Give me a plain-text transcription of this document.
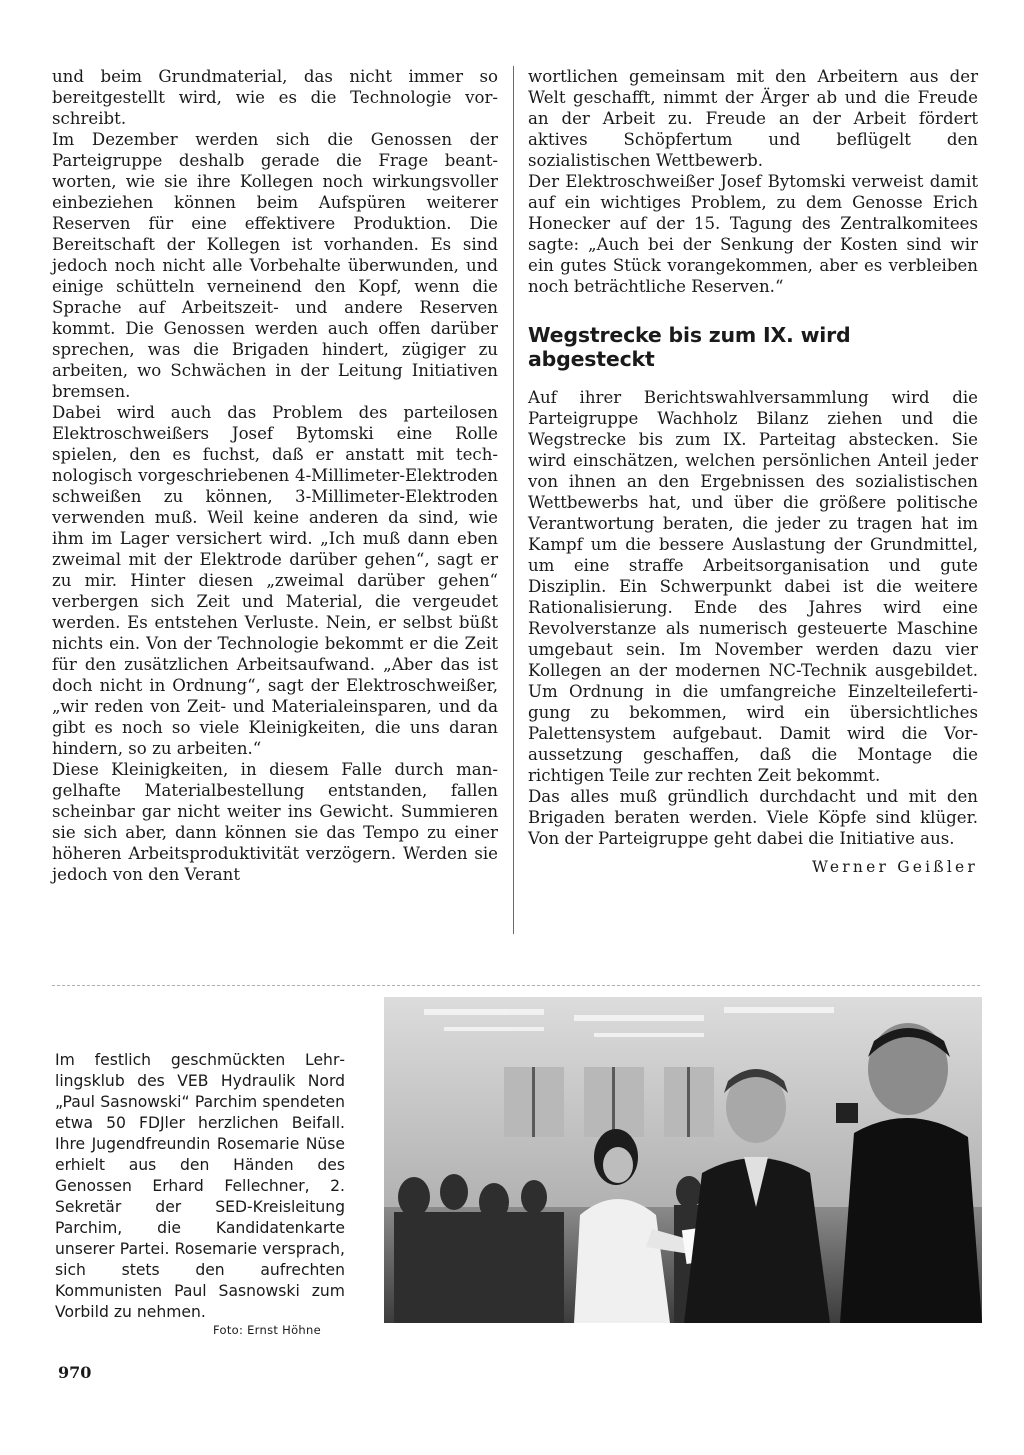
und beim Grundmaterial, das nicht immer so bereitgestellt wird, wie es die Technologie vorschreibt.

Im Dezember werden sich die Genossen der Parteigruppe deshalb gerade die Frage beantworten, wie sie ihre Kollegen noch wirkungsvoller einbeziehen können beim Aufspüren weiterer Reserven für eine effektivere Produktion. Die Bereitschaft der Kollegen ist vorhanden. Es sind jedoch noch nicht alle Vorbehalte überwunden, und einige schütteln verneinend den Kopf, wenn die Sprache auf Arbeitszeit- und andere Reserven kommt. Die Genossen werden auch offen darüber sprechen, was die Brigaden hindert, zügiger zu arbeiten, wo Schwächen in der Leitung Initiativen bremsen.

Dabei wird auch das Problem des parteilosen Elektroschweißers Josef Bytomski eine Rolle spielen, den es fuchst, daß er anstatt mit technologisch vorgeschriebenen 4-Millimeter-Elektroden schweißen zu können, 3-Millimeter-Elektroden verwenden muß. Weil keine anderen da sind, wie ihm im Lager versichert wird. „Ich muß dann eben zweimal mit der Elektrode darüber gehen“, sagt er zu mir. Hinter diesen „zweimal darüber gehen“ verbergen sich Zeit und Material, die vergeudet werden. Es entstehen Verluste. Nein, er selbst büßt nichts ein. Von der Technologie bekommt er die Zeit für den zusätzlichen Arbeitsaufwand. „Aber das ist doch nicht in Ordnung“, sagt der Elektroschweißer, „wir reden von Zeit- und Materialeinsparen, und da gibt es noch so viele Kleinigkeiten, die uns daran hindern, so zu arbeiten.“

Diese Kleinigkeiten, in diesem Falle durch mangelhafte Materialbestellung entstanden, fallen scheinbar gar nicht weiter ins Gewicht. Summieren sie sich aber, dann können sie das Tempo zu einer höheren Arbeitsproduktivität verzögern. Werden sie jedoch von den Verant

wortlichen gemeinsam mit den Arbeitern aus der Welt geschafft, nimmt der Ärger ab und die Freude an der Arbeit zu. Freude an der Arbeit fördert aktives Schöpfertum und beflügelt den sozialistischen Wettbewerb.

Der Elektroschweißer Josef Bytomski verweist damit auf ein wichtiges Problem, zu dem Genosse Erich Honecker auf der 15. Tagung des Zentralkomitees sagte: „Auch bei der Senkung der Kosten sind wir ein gutes Stück vorangekommen, aber es verbleiben noch beträchtliche Reserven.“

Wegstrecke bis zum IX. wird abgesteckt

Auf ihrer Berichtswahlversammlung wird die Parteigruppe Wachholz Bilanz ziehen und die Wegstrecke bis zum IX. Parteitag abstecken. Sie wird einschätzen, welchen persönlichen Anteil jeder von ihnen an den Ergebnissen des sozialistischen Wettbewerbs hat, und über die größere politische Verantwortung beraten, die jeder zu tragen hat im Kampf um die bessere Auslastung der Grundmittel, um eine straffe Arbeitsorganisation und gute Disziplin. Ein Schwerpunkt dabei ist die weitere Rationalisierung. Ende des Jahres wird eine Revolverstanze als numerisch gesteuerte Maschine umgebaut sein. Im November werden dazu vier Kollegen an der modernen NC-Technik ausgebildet. Um Ordnung in die umfangreiche Einzelteilefertigung zu bekommen, wird ein übersichtliches Palettensystem aufgebaut. Damit wird die Voraussetzung geschaffen, daß die Montage die richtigen Teile zur rechten Zeit bekommt.

Das alles muß gründlich durchdacht und mit den Brigaden beraten werden. Viele Köpfe sind klüger. Von der Parteigruppe geht dabei die Initiative aus.

Werner Geißler

Im festlich geschmückten Lehrlingsklub des VEB Hydraulik Nord „Paul Sasnowski“ Parchim spendeten etwa 50 FDJler herzlichen Beifall. Ihre Jugendfreundin Rosemarie Nüse erhielt aus den Händen des Genossen Erhard Fellechner, 2. Sekretär der SED-Kreisleitung Parchim, die Kandidatenkarte unserer Partei. Rosemarie versprach, sich stets den aufrechten Kommunisten Paul Sasnowski zum Vorbild zu nehmen.
Foto: Ernst Höhne
970
